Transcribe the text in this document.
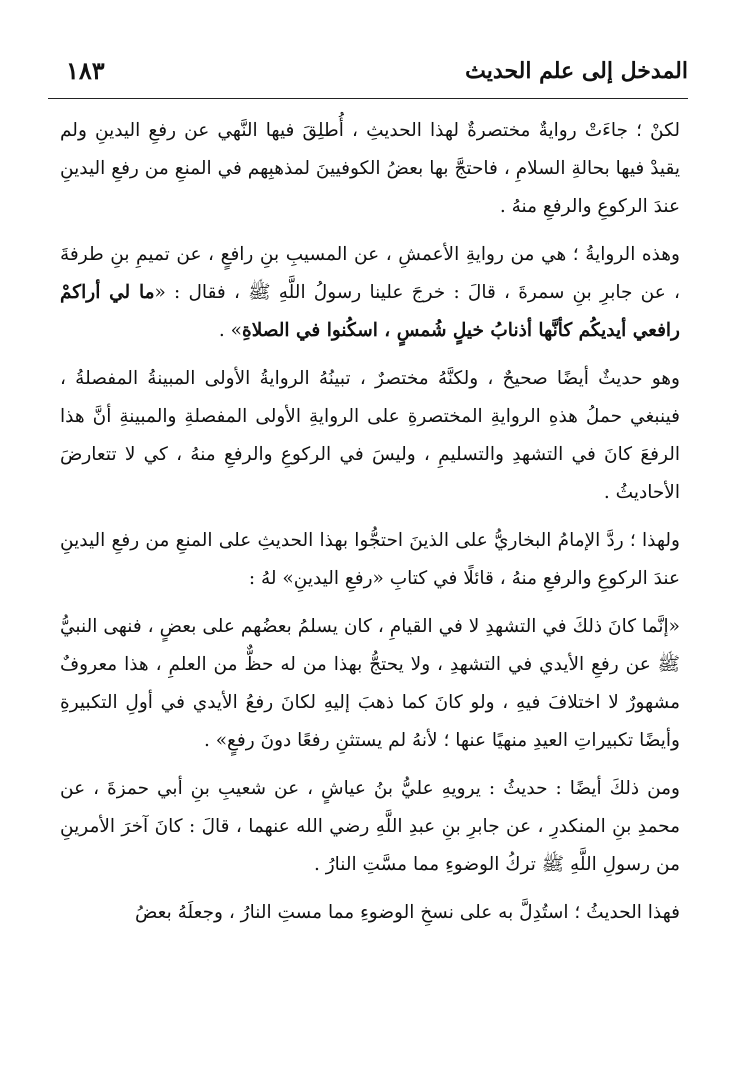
المدخل إلى علم الحديث
١٨٣

لكنْ ؛ جاءَتْ روايةٌ مختصرةٌ لهذا الحديثِ ، أُطلِقَ فيها النَّهي عن رفعِ اليدينِ ولم يقيدْ فيها بحالةِ السلامِ ، فاحتجَّ بها بعضُ الكوفيينَ لمذهبِهم في المنعِ من رفعِ اليدينِ عندَ الركوعِ والرفعِ منهُ .

وهذه الروايةُ ؛ هي من روايةِ الأعمشِ ، عن المسيبِ بنِ رافعٍ ، عن تميمِ بنِ طرفةَ ، عن جابرِ بنِ سمرةَ ، قالَ : خرجَ علينا رسولُ اللَّهِ ﷺ ، فقال : «ما لي أراكمْ رافعي أيديكُم كأنَّها أذنابُ خيلٍ شُمسٍ ، اسكُنوا في الصلاةِ» .

وهو حديثٌ أيضًا صحيحٌ ، ولكنَّهُ مختصرٌ ، تبينُهُ الروايةُ الأولى المبينةُ المفصلةُ ، فينبغي حملُ هذهِ الروايةِ المختصرةِ على الروايةِ الأولى المفصلةِ والمبينةِ أنَّ هذا الرفعَ كانَ في التشهدِ والتسليمِ ، وليسَ في الركوعِ والرفعِ منهُ ، كي لا تتعارضَ الأحاديثُ .

ولهذا ؛ ردَّ الإمامُ البخاريُّ على الذينَ احتجُّوا بهذا الحديثِ على المنعِ من رفعِ اليدينِ عندَ الركوعِ والرفعِ منهُ ، قائلًا في كتابِ «رفعِ اليدينِ» لهُ :

«إنَّما كانَ ذلكَ في التشهدِ لا في القيامِ ، كان يسلمُ بعضُهم على بعضٍ ، فنهى النبيُّ ﷺ عن رفعِ الأيدي في التشهدِ ، ولا يحتجُّ بهذا من له حظٌّ من العلمِ ، هذا معروفٌ مشهورٌ لا اختلافَ فيهِ ، ولو كانَ كما ذهبَ إليهِ لكانَ رفعُ الأيدي في أولِ التكبيرةِ وأيضًا تكبيراتِ العيدِ منهيًا عنها ؛ لأنهُ لم يستثنِ رفعًا دونَ رفعٍ» .

ومن ذلكَ أيضًا : حديثُ : يرويهِ عليُّ بنُ عياشٍ ، عن شعيبِ بنِ أبي حمزةَ ، عن محمدِ بنِ المنكدرِ ، عن جابرِ بنِ عبدِ اللَّهِ رضي الله عنهما ، قالَ : كانَ آخرَ الأمرينِ من رسولِ اللَّهِ ﷺ تركُ الوضوءِ مما مسَّتِ النارُ .

فهذا الحديثُ ؛ استُدِلَّ به على نسخِ الوضوءِ مما مستِ النارُ ، وجعلَهُ بعضُ
